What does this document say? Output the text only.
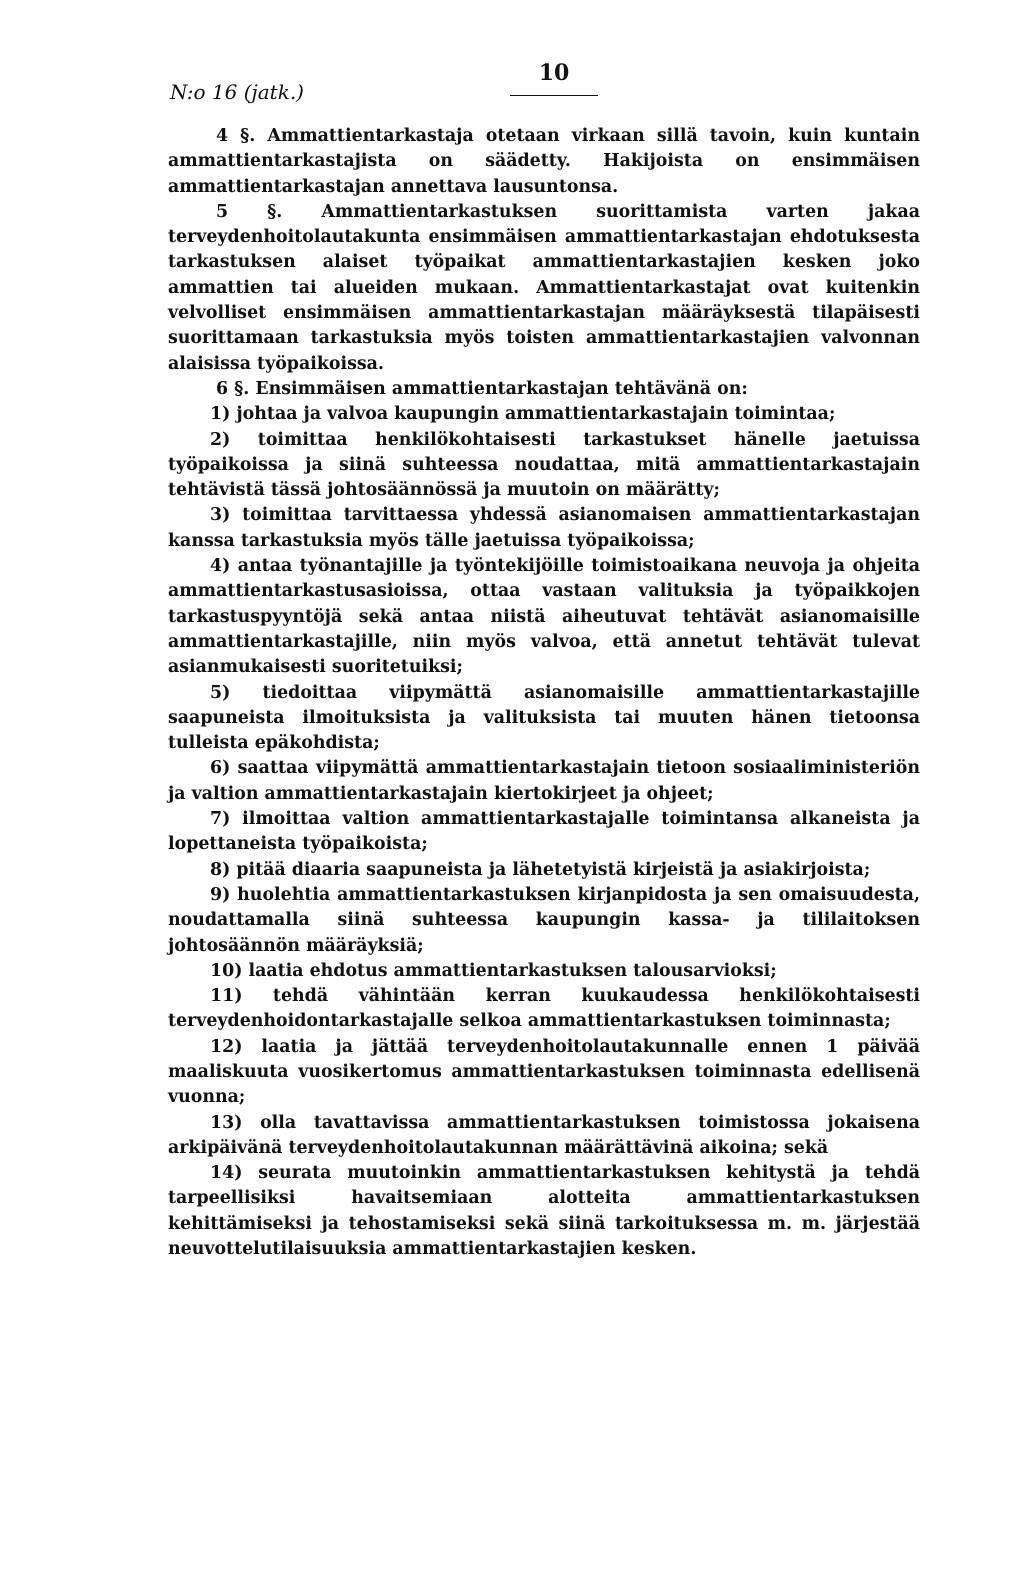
N:o 16 (jatk.)
10

4 §. Ammattientarkastaja otetaan virkaan sillä tavoin, kuin kuntain ammattientarkastajista on säädetty. Hakijoista on ensimmäisen ammattientarkastajan annettava lausuntonsa.

5 §. Ammattientarkastuksen suorittamista varten jakaa terveydenhoitolautakunta ensimmäisen ammattientarkastajan ehdotuksesta tarkastuksen alaiset työpaikat ammattientarkastajien kesken joko ammattien tai alueiden mukaan. Ammattientarkastajat ovat kuitenkin velvolliset ensimmäisen ammattientarkastajan määräyksestä tilapäisesti suorittamaan tarkastuksia myös toisten ammattientarkastajien valvonnan alaisissa työpaikoissa.

6 §. Ensimmäisen ammattientarkastajan tehtävänä on:

1) johtaa ja valvoa kaupungin ammattientarkastajain toimintaa;

2) toimittaa henkilökohtaisesti tarkastukset hänelle jaetuissa työpaikoissa ja siinä suhteessa noudattaa, mitä ammattientarkastajain tehtävistä tässä johtosäännössä ja muutoin on määrätty;

3) toimittaa tarvittaessa yhdessä asianomaisen ammattientarkastajan kanssa tarkastuksia myös tälle jaetuissa työpaikoissa;

4) antaa työnantajille ja työntekijöille toimistoaikana neuvoja ja ohjeita ammattientarkastusasioissa, ottaa vastaan valituksia ja työpaikkojen tarkastuspyyntöjä sekä antaa niistä aiheutuvat tehtävät asianomaisille ammattientarkastajille, niin myös valvoa, että annetut tehtävät tulevat asianmukaisesti suoritetuiksi;

5) tiedoittaa viipymättä asianomaisille ammattientarkastajille saapuneista ilmoituksista ja valituksista tai muuten hänen tietoonsa tulleista epäkohdista;

6) saattaa viipymättä ammattientarkastajain tietoon sosiaaliministeriön ja valtion ammattientarkastajain kiertokirjeet ja ohjeet;

7) ilmoittaa valtion ammattientarkastajalle toimintansa alkaneista ja lopettaneista työpaikoista;

8) pitää diaaria saapuneista ja lähetetyistä kirjeistä ja asiakirjoista;

9) huolehtia ammattientarkastuksen kirjanpidosta ja sen omaisuudesta, noudattamalla siinä suhteessa kaupungin kassa- ja tililaitoksen johtosäännön määräyksiä;

10) laatia ehdotus ammattientarkastuksen talousarvioksi;

11) tehdä vähintään kerran kuukaudessa henkilökohtaisesti terveydenhoidontarkastajalle selkoa ammattientarkastuksen toiminnasta;

12) laatia ja jättää terveydenhoitolautakunnalle ennen 1 päivää maaliskuuta vuosikertomus ammattientarkastuksen toiminnasta edellisenä vuonna;

13) olla tavattavissa ammattientarkastuksen toimistossa jokaisena arkipäivänä terveydenhoitolautakunnan määrättävinä aikoina; sekä

14) seurata muutoinkin ammattientarkastuksen kehitystä ja tehdä tarpeellisiksi havaitsemiaan alotteita ammattientarkastuksen kehittämiseksi ja tehostamiseksi sekä siinä tarkoituksessa m. m. järjestää neuvottelutilaisuuksia ammattientarkastajien kesken.
